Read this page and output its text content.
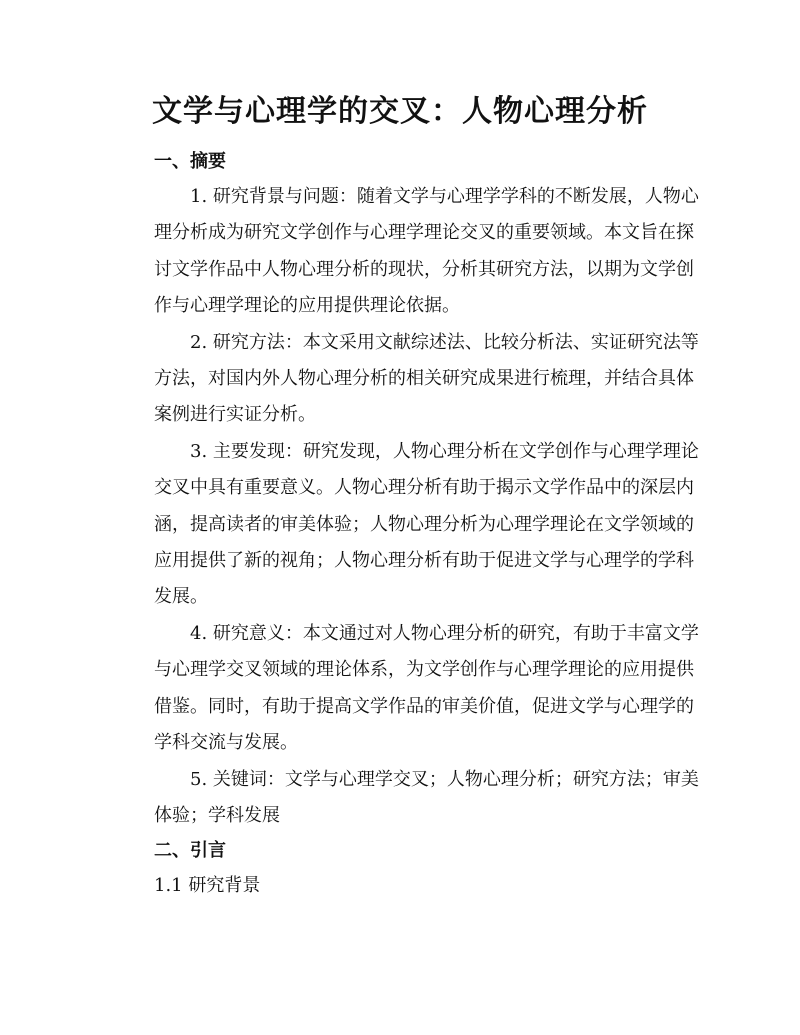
文学与心理学的交叉：人物心理分析
一、摘要
1. 研究背景与问题：随着文学与心理学学科的不断发展，人物心
理分析成为研究文学创作与心理学理论交叉的重要领域。本文旨在探
讨文学作品中人物心理分析的现状，分析其研究方法，以期为文学创
作与心理学理论的应用提供理论依据。
2. 研究方法：本文采用文献综述法、比较分析法、实证研究法等
方法，对国内外人物心理分析的相关研究成果进行梳理，并结合具体
案例进行实证分析。
3. 主要发现：研究发现，人物心理分析在文学创作与心理学理论
交叉中具有重要意义。人物心理分析有助于揭示文学作品中的深层内
涵，提高读者的审美体验；人物心理分析为心理学理论在文学领域的
应用提供了新的视角；人物心理分析有助于促进文学与心理学的学科
发展。
4. 研究意义：本文通过对人物心理分析的研究，有助于丰富文学
与心理学交叉领域的理论体系，为文学创作与心理学理论的应用提供
借鉴。同时，有助于提高文学作品的审美价值，促进文学与心理学的
学科交流与发展。
5. 关键词：文学与心理学交叉；人物心理分析；研究方法；审美
体验；学科发展
二、引言
1.1 研究背景
